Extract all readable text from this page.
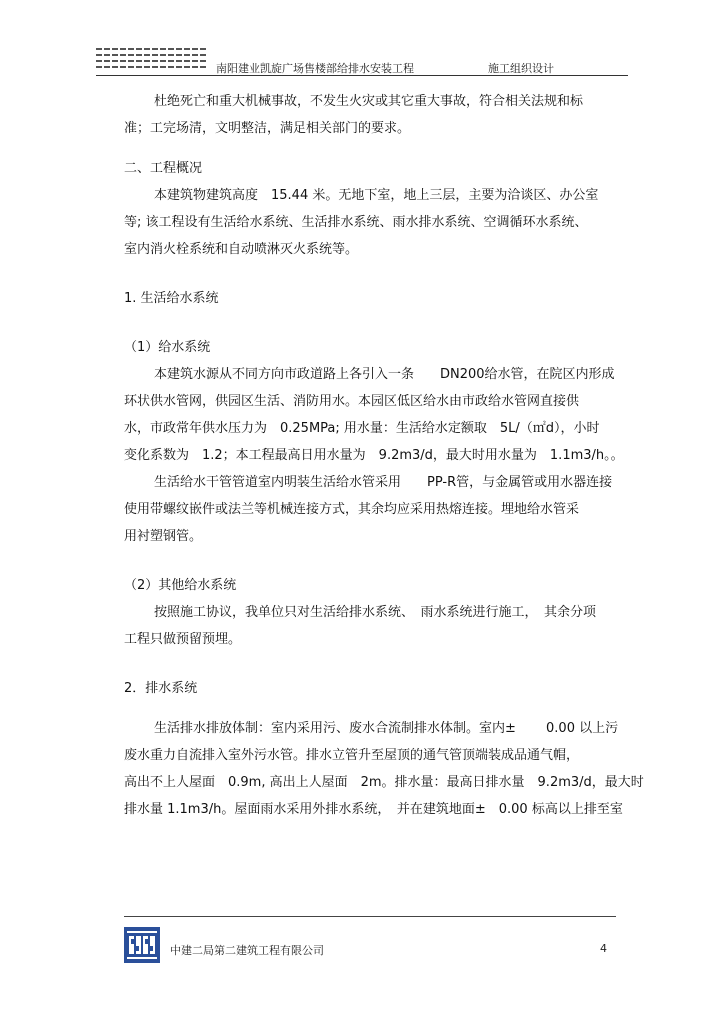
南阳建业凯旋广场售楼部给排水安装工程	施工组织设计

杜绝死亡和重大机械事故，不发生火灾或其它重大事故，符合相关法规和标

准；工完场清，文明整洁，满足相关部门的要求。

二、工程概况

本建筑物建筑高度　15.44 米。无地下室，地上三层，主要为洽谈区、办公室

等; 该工程设有生活给水系统、生活排水系统、雨水排水系统、空调循环水系统、

室内消火栓系统和自动喷淋灭火系统等。

1. 生活给水系统

（1）给水系统

本建筑水源从不同方向市政道路上各引入一条　　DN200给水管，在院区内形成

环状供水管网，供园区生活、消防用水。本园区低区给水由市政给水管网直接供

水，市政常年供水压力为　0.25MPa; 用水量：生活给水定额取　5L/（㎡d），小时

变化系数为　1.2；本工程最高日用水量为　9.2m3/d，最大时用水量为　1.1m3/h。。

生活给水干管管道室内明装生活给水管采用　　PP-R管，与金属管或用水器连接

使用带螺纹嵌件或法兰等机械连接方式，其余均应采用热熔连接。埋地给水管采

用衬塑钢管。

（2）其他给水系统

按照施工协议，我单位只对生活给排水系统、　雨水系统进行施工，　其余分项

工程只做预留预埋。

2．排水系统

生活排水排放体制：室内采用污、废水合流制排水体制。室内±　　 0.00 以上污

废水重力自流排入室外污水管。排水立管升至屋顶的通气管顶端装成品通气帽，

高出不上人屋面　0.9m, 高出上人屋面　2m。排水量：最高日排水量　9.2m3/d，最大时

排水量 1.1m3/h。屋面雨水采用外排水系统，　并在建筑地面±　0.00 标高以上排至室

中建二局第二建筑工程有限公司	4
